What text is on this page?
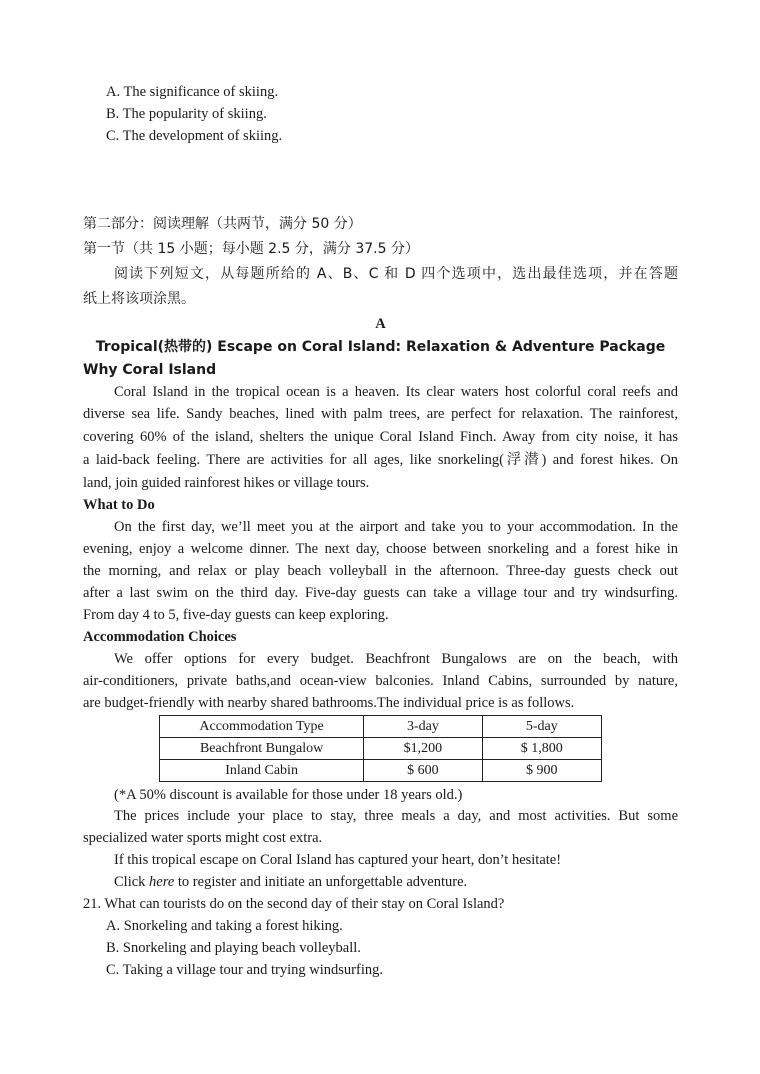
A. The significance of skiing.
B. The popularity of skiing.
C. The development of skiing.
第二部分：阅读理解（共两节，满分 50 分）
第一节（共 15 小题；每小题 2.5 分，满分 37.5 分）
阅读下列短文，从每题所给的 A、B、C 和 D 四个选项中，选出最佳选项，并在答题
纸上将该项涂黑。
A
Tropical(热带的) Escape on Coral Island: Relaxation & Adventure Package
Why Coral Island
Coral Island in the tropical ocean is a heaven. Its clear waters host colorful coral reefs and
diverse sea life. Sandy beaches, lined with palm trees, are perfect for relaxation. The rainforest,
covering 60% of the island, shelters the unique Coral Island Finch. Away from city noise, it has
a laid-back feeling. There are activities for all ages, like snorkeling(浮潜) and forest hikes. On
land, join guided rainforest hikes or village tours.
What to Do
On the first day, we’ll meet you at the airport and take you to your accommodation. In the
evening, enjoy a welcome dinner. The next day, choose between snorkeling and a forest hike in
the morning, and relax or play beach volleyball in the afternoon. Three-day guests check out
after a last swim on the third day. Five-day guests can take a village tour and try windsurfing.
From day 4 to 5, five-day guests can keep exploring.
Accommodation Choices
We offer options for every budget. Beachfront Bungalows are on the beach, with
air-conditioners, private baths,and ocean-view balconies. Inland Cabins, surrounded by nature,
are budget-friendly with nearby shared bathrooms.The individual price is as follows.
Accommodation Type	3-day	5-day
Beachfront Bungalow	$1,200	$ 1,800
Inland Cabin	$ 600	$ 900
(*A 50% discount is available for those under 18 years old.)
The prices include your place to stay, three meals a day, and most activities. But some
specialized water sports might cost extra.
If this tropical escape on Coral Island has captured your heart, don’t hesitate!
Click here to register and initiate an unforgettable adventure.
21. What can tourists do on the second day of their stay on Coral Island?
A. Snorkeling and taking a forest hiking.
B. Snorkeling and playing beach volleyball.
C. Taking a village tour and trying windsurfing.
